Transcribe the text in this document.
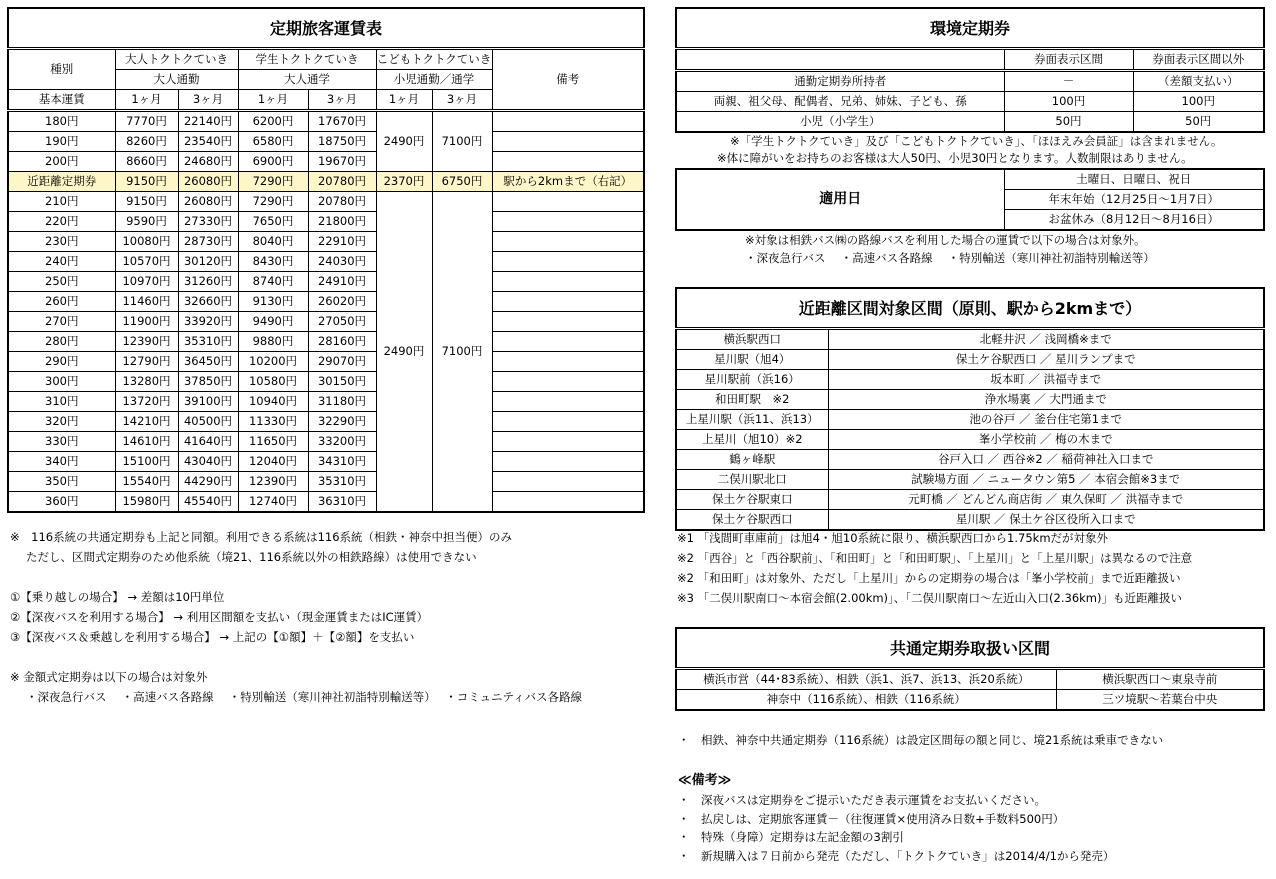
定期旅客運賃表							
種別	大人トクトクていき		学生トクトクていき		こどもトクトクていき		備考
	大人通勤		大人通学		小児通勤／通学		
基本運賃	1ヶ月	3ヶ月	1ヶ月	3ヶ月	1ヶ月	3ヶ月	
180円	7770円	22140円	6200円	17670円	2490円	7100円	
190円	8260円	23540円	6580円	18750円			
200円	8660円	24680円	6900円	19670円			
近距離定期券	9150円	26080円	7290円	20780円	2370円	6750円	駅から2kmまで（右記）
210円	9150円	26080円	7290円	20780円	2490円	7100円	
220円	9590円	27330円	7650円	21800円			
230円	10080円	28730円	8040円	22910円			
240円	10570円	30120円	8430円	24030円			
250円	10970円	31260円	8740円	24910円			
260円	11460円	32660円	9130円	26020円			
270円	11900円	33920円	9490円	27050円			
280円	12390円	35310円	9880円	28160円			
290円	12790円	36450円	10200円	29070円			
300円	13280円	37850円	10580円	30150円			
310円	13720円	39100円	10940円	31180円			
320円	14210円	40500円	11330円	32290円			
330円	14610円	41640円	11650円	33200円			
340円	15100円	43040円	12040円	34310円			
350円	15540円	44290円	12390円	35310円			
360円	15980円	45540円	12740円	36310円			
※　116系統の共通定期券も上記と同額。利用できる系統は116系統（相鉄・神奈中担当便）のみ
ただし、区間式定期券のため他系統（境21、116系統以外の相鉄路線）は使用できない
①【乗り越しの場合】 → 差額は10円単位
②【深夜バスを利用する場合】 → 利用区間額を支払い（現金運賃またはIC運賃）
③【深夜バス＆乗越しを利用する場合】 → 上記の【①額】＋【②額】を支払い
※ 金額式定期券は以下の場合は対象外
・深夜急行バス　 ・高速バス各路線　 ・特別輸送（寒川神社初詣特別輸送等）　 ・コミュニティバス各路線
環境定期券		
	券面表示区間	券面表示区間以外
通勤定期券所持者	－	（差額支払い）
両親、祖父母、配偶者、兄弟、姉妹、子ども、孫	100円	100円
小児（小学生）	50円	50円
※「学生トクトクていき」及び「こどもトクトクていき」、「ほほえみ会員証」は含まれません。
※体に障がいをお持ちのお客様は大人50円、小児30円となります。人数制限はありません。
適用日	土曜日、日曜日、祝日
年末年始（12月25日～1月7日）
お盆休み（8月12日～8月16日）
※対象は相鉄バス㈱の路線バスを利用した場合の運賃で以下の場合は対象外。
・深夜急行バス　 ・高速バス各路線　 ・特別輸送（寒川神社初詣特別輸送等）
近距離区間対象区間（原則、駅から2kmまで）	
横浜駅西口	北軽井沢 ／ 浅岡橋※まで
星川駅（旭4）	保土ケ谷駅西口 ／ 星川ランプまで
星川駅前（浜16）	坂本町 ／ 洪福寺まで
和田町駅　※2	浄水場裏 ／ 大門通まで
上星川駅（浜11、浜13）	池の谷戸 ／ 釜台住宅第1まで
上星川（旭10）※2	峯小学校前 ／ 梅の木まで
鶴ヶ峰駅	谷戸入口 ／ 西谷※2 ／ 稲荷神社入口まで
二俣川駅北口	試験場方面 ／ ニュータウン第5 ／ 本宿会館※3まで
保土ケ谷駅東口	元町橋 ／ どんどん商店街 ／ 東久保町 ／ 洪福寺まで
保土ケ谷駅西口	星川駅 ／ 保土ケ谷区役所入口まで
※1 「浅間町車庫前」は旭4・旭10系統に限り、横浜駅西口から1.75kmだが対象外
※2 「西谷」と「西谷駅前」、「和田町」と「和田町駅」、「上星川」と「上星川駅」は異なるので注意
※2 「和田町」は対象外、ただし「上星川」からの定期券の場合は「峯小学校前」まで近距離扱い
※3 「二俣川駅南口～本宿会館(2.00km)」、「二俣川駅南口～左近山入口(2.36km)」も近距離扱い
共通定期券取扱い区間	
横浜市営（44･83系統）、相鉄（浜1、浜7、浜13、浜20系統）	横浜駅西口～東泉寺前
神奈中（116系統）、相鉄（116系統）	三ツ境駅～若葉台中央
・　相鉄、神奈中共通定期券（116系統）は設定区間毎の額と同じ、境21系統は乗車できない
≪備考≫
・　深夜バスは定期券をご提示いただき表示運賃をお支払いください。
・　払戻しは、定期旅客運賃－（往復運賃×使用済み日数+手数料500円）
・　特殊（身障）定期券は左記金額の3割引
・　新規購入は７日前から発売（ただし、「トクトクていき」は2014/4/1から発売）
